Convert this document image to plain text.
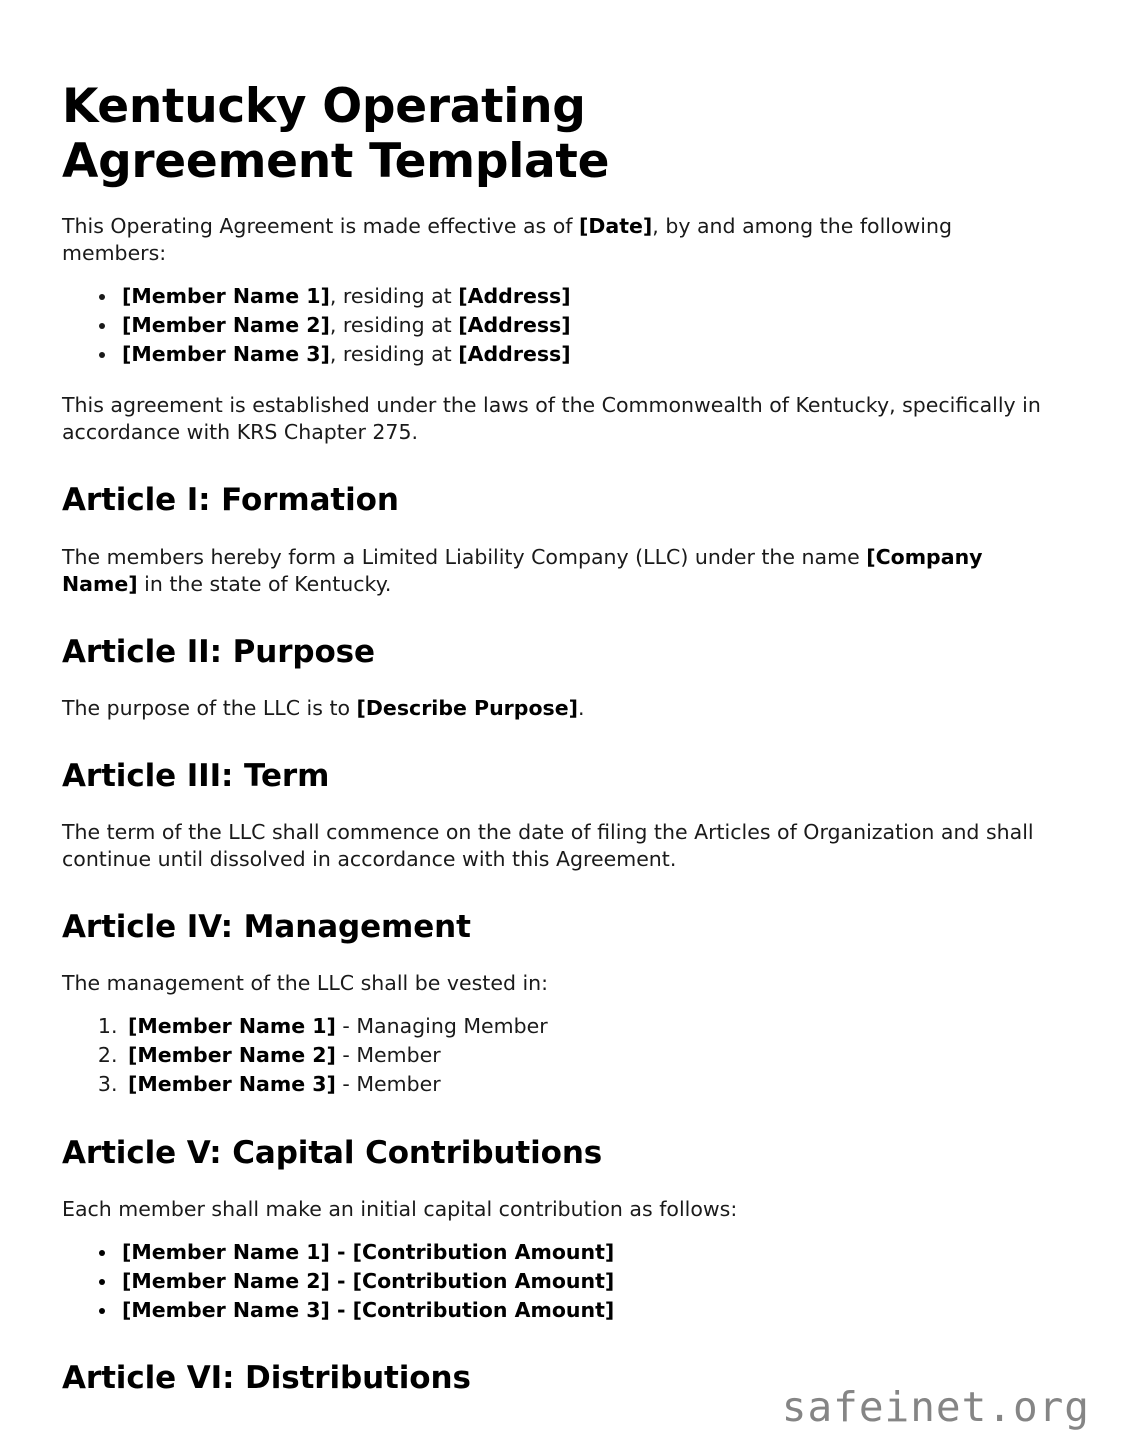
Kentucky Operating Agreement Template

This Operating Agreement is made effective as of [Date], by and among the following members:

• [Member Name 1], residing at [Address]
• [Member Name 2], residing at [Address]
• [Member Name 3], residing at [Address]

This agreement is established under the laws of the Commonwealth of Kentucky, specifically in accordance with KRS Chapter 275.

Article I: Formation

The members hereby form a Limited Liability Company (LLC) under the name [Company Name] in the state of Kentucky.

Article II: Purpose

The purpose of the LLC is to [Describe Purpose].

Article III: Term

The term of the LLC shall commence on the date of filing the Articles of Organization and shall continue until dissolved in accordance with this Agreement.

Article IV: Management

The management of the LLC shall be vested in:

1. [Member Name 1] - Managing Member
2. [Member Name 2] - Member
3. [Member Name 3] - Member
Article V: Capital Contributions

Each member shall make an initial capital contribution as follows:

• [Member Name 1] - [Contribution Amount]
• [Member Name 2] - [Contribution Amount]
• [Member Name 3] - [Contribution Amount]
Article VI: Distributions
safeinet.org
